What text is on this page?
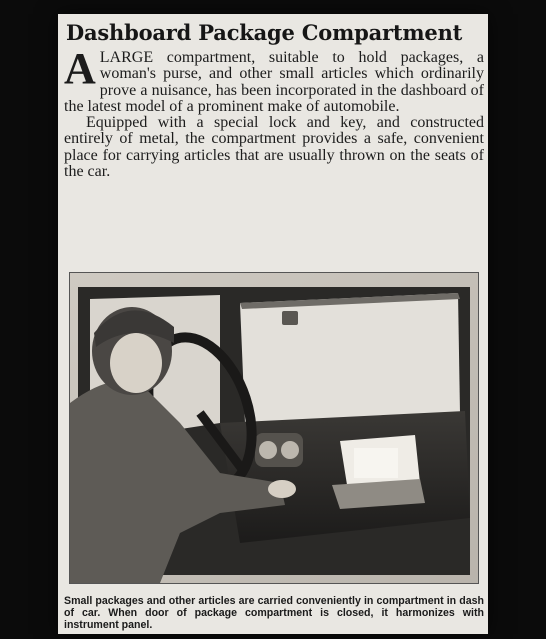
Dashboard Package Compartment

ALARGE compartment, suitable to hold packages, a woman's purse, and other small articles which ordinarily prove a nuisance, has been incorporated in the dashboard of the latest model of a prominent make of automobile.

Equipped with a special lock and key, and constructed entirely of metal, the compartment provides a safe, convenient place for carrying articles that are usually thrown on the seats of the car.

Small packages and other articles are carried conveniently in compartment in dash of car. When door of package compartment is closed, it harmonizes with instrument panel.
